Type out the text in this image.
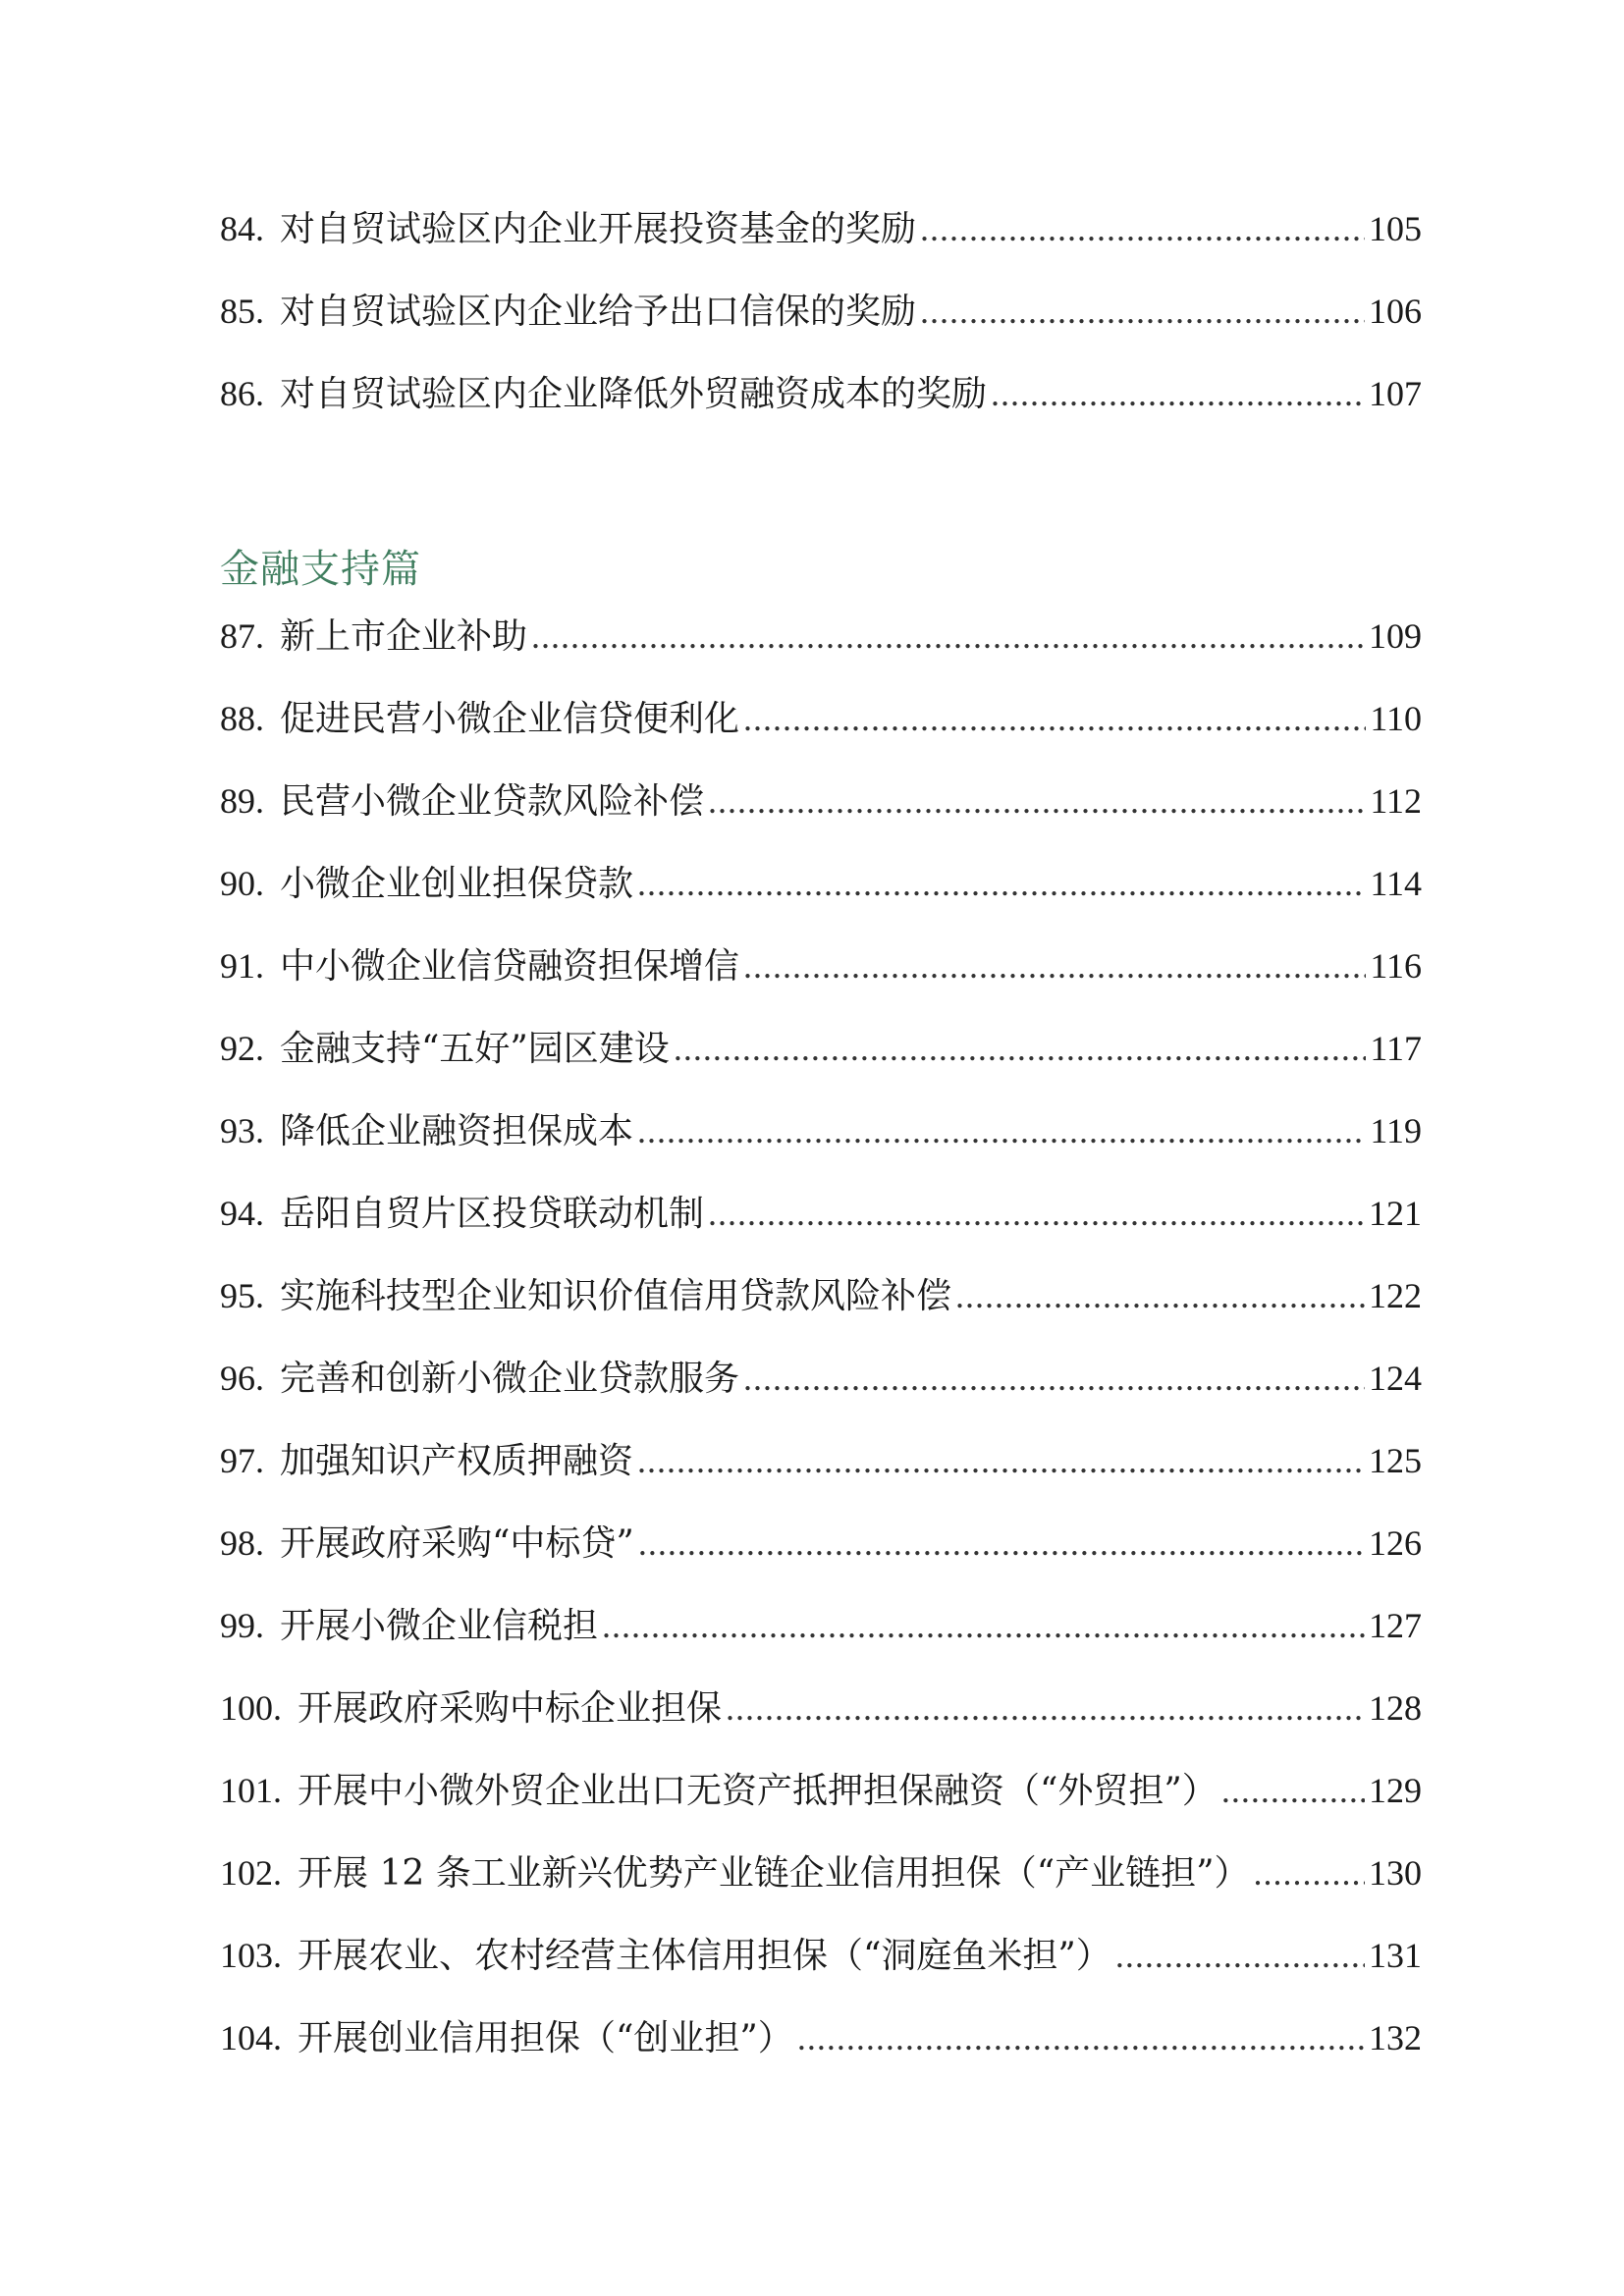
84. 对自贸试验区内企业开展投资基金的奖励 .....	105
85. 对自贸试验区内企业给予出口信保的奖励 .....	106
86. 对自贸试验区内企业降低外贸融资成本的奖励 .....	107
金融支持篇
87. 新上市企业补助 .....	109
88. 促进民营小微企业信贷便利化 .....	110
89. 民营小微企业贷款风险补偿 .....	112
90. 小微企业创业担保贷款 .....	114
91. 中小微企业信贷融资担保增信 .....	116
92. 金融支持“五好”园区建设 .....	117
93. 降低企业融资担保成本 .....	119
94. 岳阳自贸片区投贷联动机制 .....	121
95. 实施科技型企业知识价值信用贷款风险补偿 .....	122
96. 完善和创新小微企业贷款服务 .....	124
97. 加强知识产权质押融资 .....	125
98. 开展政府采购“中标贷” .....	126
99. 开展小微企业信税担 .....	127
100. 开展政府采购中标企业担保 .....	128
101. 开展中小微外贸企业出口无资产抵押担保融资（“外贸担”） .....	129
102. 开展 12 条工业新兴优势产业链企业信用担保（“产业链担”） .....	130
103. 开展农业、农村经营主体信用担保（“洞庭鱼米担”） .....	131
104. 开展创业信用担保（“创业担”） .....	132
